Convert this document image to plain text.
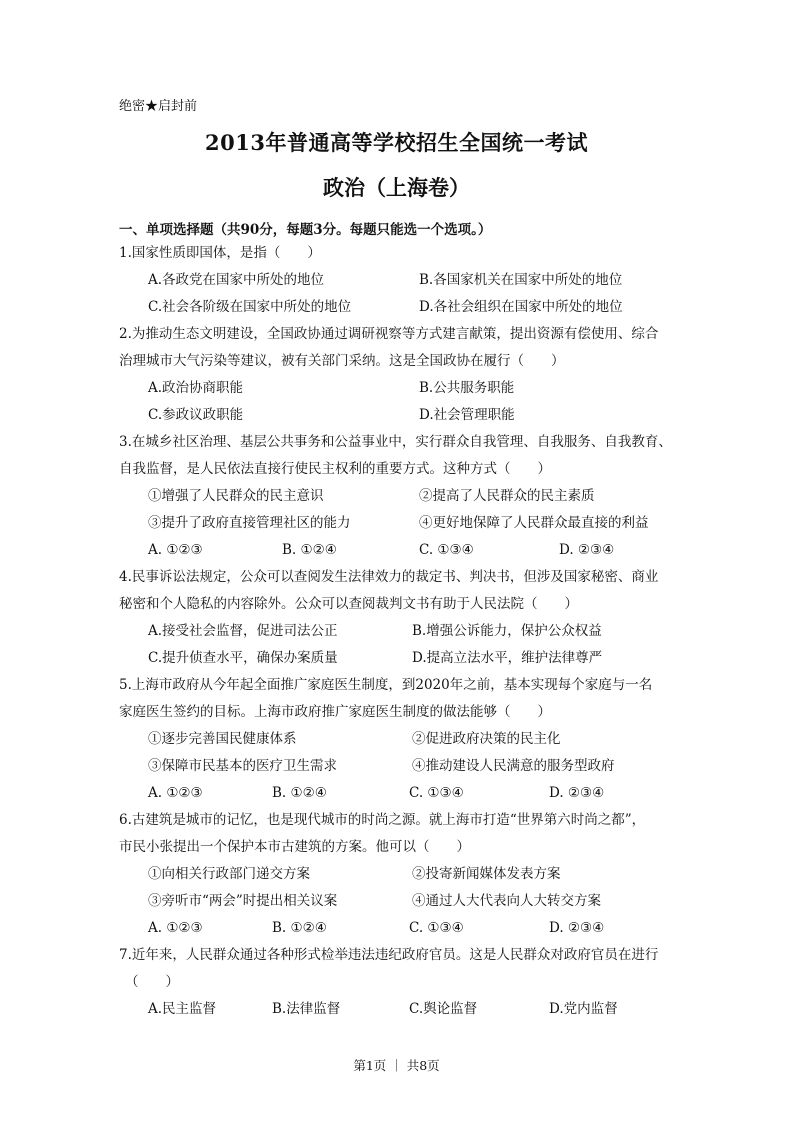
绝密★启封前
2013年普通高等学校招生全国统一考试
政治（上海卷）
一、单项选择题（共90分，每题3分。每题只能选一个选项。）
1.国家性质即国体，是指（　　）
A.各政党在国家中所处的地位	B.各国家机关在国家中所处的地位
C.社会各阶级在国家中所处的地位	D.各社会组织在国家中所处的地位
2.为推动生态文明建设，全国政协通过调研视察等方式建言献策，提出资源有偿使用、综合
治理城市大气污染等建议，被有关部门采纳。这是全国政协在履行（　　）
A.政治协商职能	B.公共服务职能
C.参政议政职能	D.社会管理职能
3.在城乡社区治理、基层公共事务和公益事业中，实行群众自我管理、自我服务、自我教育、
自我监督，是人民依法直接行使民主权利的重要方式。这种方式（　　）
①增强了人民群众的民主意识	②提高了人民群众的民主素质
③提升了政府直接管理社区的能力	④更好地保障了人民群众最直接的利益
A. ①②③	B. ①②④	C. ①③④	D. ②③④
4.民事诉讼法规定，公众可以查阅发生法律效力的裁定书、判决书，但涉及国家秘密、商业
秘密和个人隐私的内容除外。公众可以查阅裁判文书有助于人民法院（　　）
A.接受社会监督，促进司法公正	B.增强公诉能力，保护公众权益
C.提升侦查水平，确保办案质量	D.提高立法水平，维护法律尊严
5.上海市政府从今年起全面推广家庭医生制度，到2020年之前，基本实现每个家庭与一名
家庭医生签约的目标。上海市政府推广家庭医生制度的做法能够（　　）
①逐步完善国民健康体系	②促进政府决策的民主化
③保障市民基本的医疗卫生需求	④推动建设人民满意的服务型政府
A. ①②③	B. ①②④	C. ①③④	D. ②③④
6.古建筑是城市的记忆，也是现代城市的时尚之源。就上海市打造“世界第六时尚之都”，
市民小张提出一个保护本市古建筑的方案。他可以（　　）
①向相关行政部门递交方案	②投寄新闻媒体发表方案
③旁听市“两会”时提出相关议案	④通过人大代表向人大转交方案
A. ①②③	B. ①②④	C. ①③④	D. ②③④
7.近年来，人民群众通过各种形式检举违法违纪政府官员。这是人民群众对政府官员在进行
（　　）
A.民主监督	B.法律监督	C.舆论监督	D.党内监督
第1页 ｜ 共8页
